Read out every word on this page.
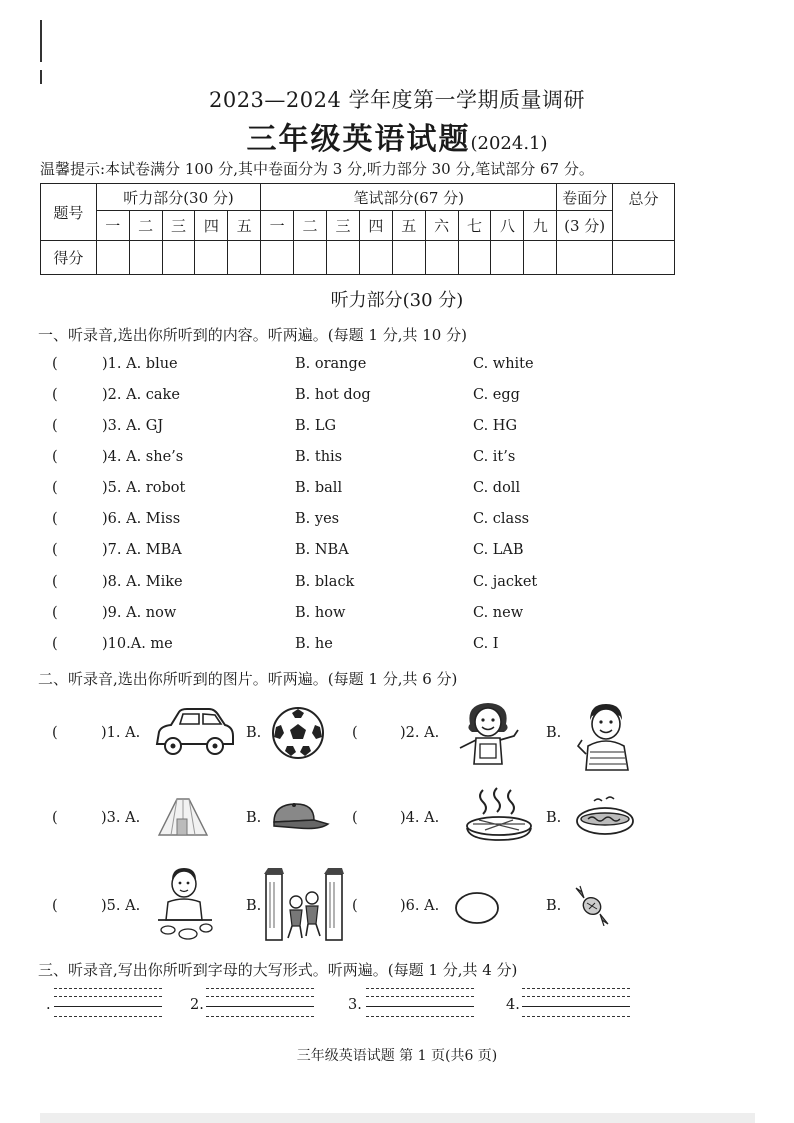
2023—2024 学年度第一学期质量调研
三年级英语试题(2024.1)
温馨提示:本试卷满分 100 分,其中卷面分为 3 分,听力部分 30 分,笔试部分 67 分。
题号	听力部分(30 分)					笔试部分(67 分)									卷面分	总分
	一	二	三	四	五	一	二	三	四	五	六	七	八	九	(3 分)	
得分																
听力部分(30 分)
一、听录音,选出你所听到的内容。听两遍。(每题 1 分,共 10 分)
(	)1. A. blue	B. orange	C. white
(	)2. A. cake	B. hot dog	C. egg
(	)3. A. GJ	B. LG	C. HG
(	)4. A. she’s	B. this	C. it’s
(	)5. A. robot	B. ball	C. doll
(	)6. A. Miss	B. yes	C. class
(	)7. A. MBA	B. NBA	C. LAB
(	)8. A. Mike	B. black	C. jacket
(	)9. A. now	B. how	C. new
(	)10.A. me	B. he	C. I
二、听录音,选出你所听到的图片。听两遍。(每题 1 分,共 6 分)
(	)1. A.	B.	(	)2. A.	B.
(	)3. A.	B.	(	)4. A.	B.
(	)5. A.	B.	(	)6. A.	B.
三、听录音,写出你所听到字母的大写形式。听两遍。(每题 1 分,共 4 分)
.	2.	3.	4.
三年级英语试题 第 1 页(共6 页)
